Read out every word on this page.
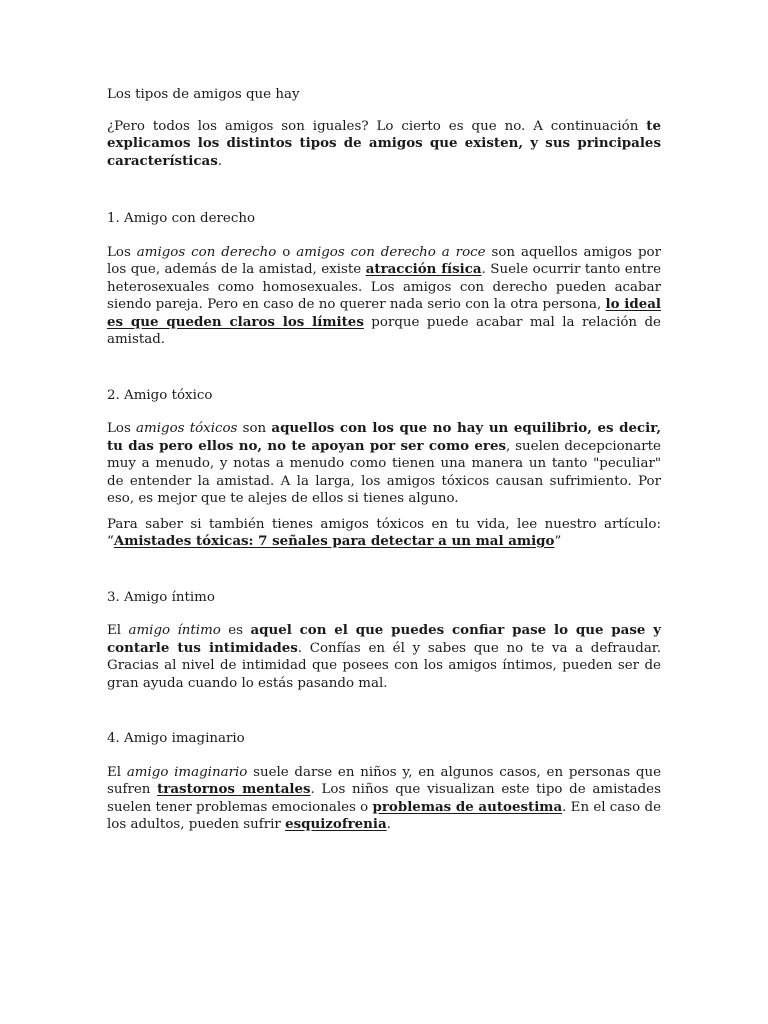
Los tipos de amigos que hay

¿Pero todos los amigos son iguales? Lo cierto es que no. A continuación te explicamos los distintos tipos de amigos que existen, y sus principales características.

1. Amigo con derecho

Los amigos con derecho o amigos con derecho a roce son aquellos amigos por los que, además de la amistad, existe atracción física. Suele ocurrir tanto entre heterosexuales como homosexuales. Los amigos con derecho pueden acabar siendo pareja. Pero en caso de no querer nada serio con la otra persona, lo ideal es que queden claros los límites porque puede acabar mal la relación de amistad.

2. Amigo tóxico

Los amigos tóxicos son aquellos con los que no hay un equilibrio, es decir, tu das pero ellos no, no te apoyan por ser como eres, suelen decepcionarte muy a menudo, y notas a menudo como tienen una manera un tanto "peculiar" de entender la amistad. A la larga, los amigos tóxicos causan sufrimiento. Por eso, es mejor que te alejes de ellos si tienes alguno.

Para saber si también tienes amigos tóxicos en tu vida, lee nuestro artículo: “Amistades tóxicas: 7 señales para detectar a un mal amigo”

3. Amigo íntimo

El amigo íntimo es aquel con el que puedes confiar pase lo que pase y contarle tus intimidades. Confías en él y sabes que no te va a defraudar. Gracias al nivel de intimidad que posees con los amigos íntimos, pueden ser de gran ayuda cuando lo estás pasando mal.

4. Amigo imaginario

El amigo imaginario suele darse en niños y, en algunos casos, en personas que sufren trastornos mentales. Los niños que visualizan este tipo de amistades suelen tener problemas emocionales o problemas de autoestima. En el caso de los adultos, pueden sufrir esquizofrenia.
